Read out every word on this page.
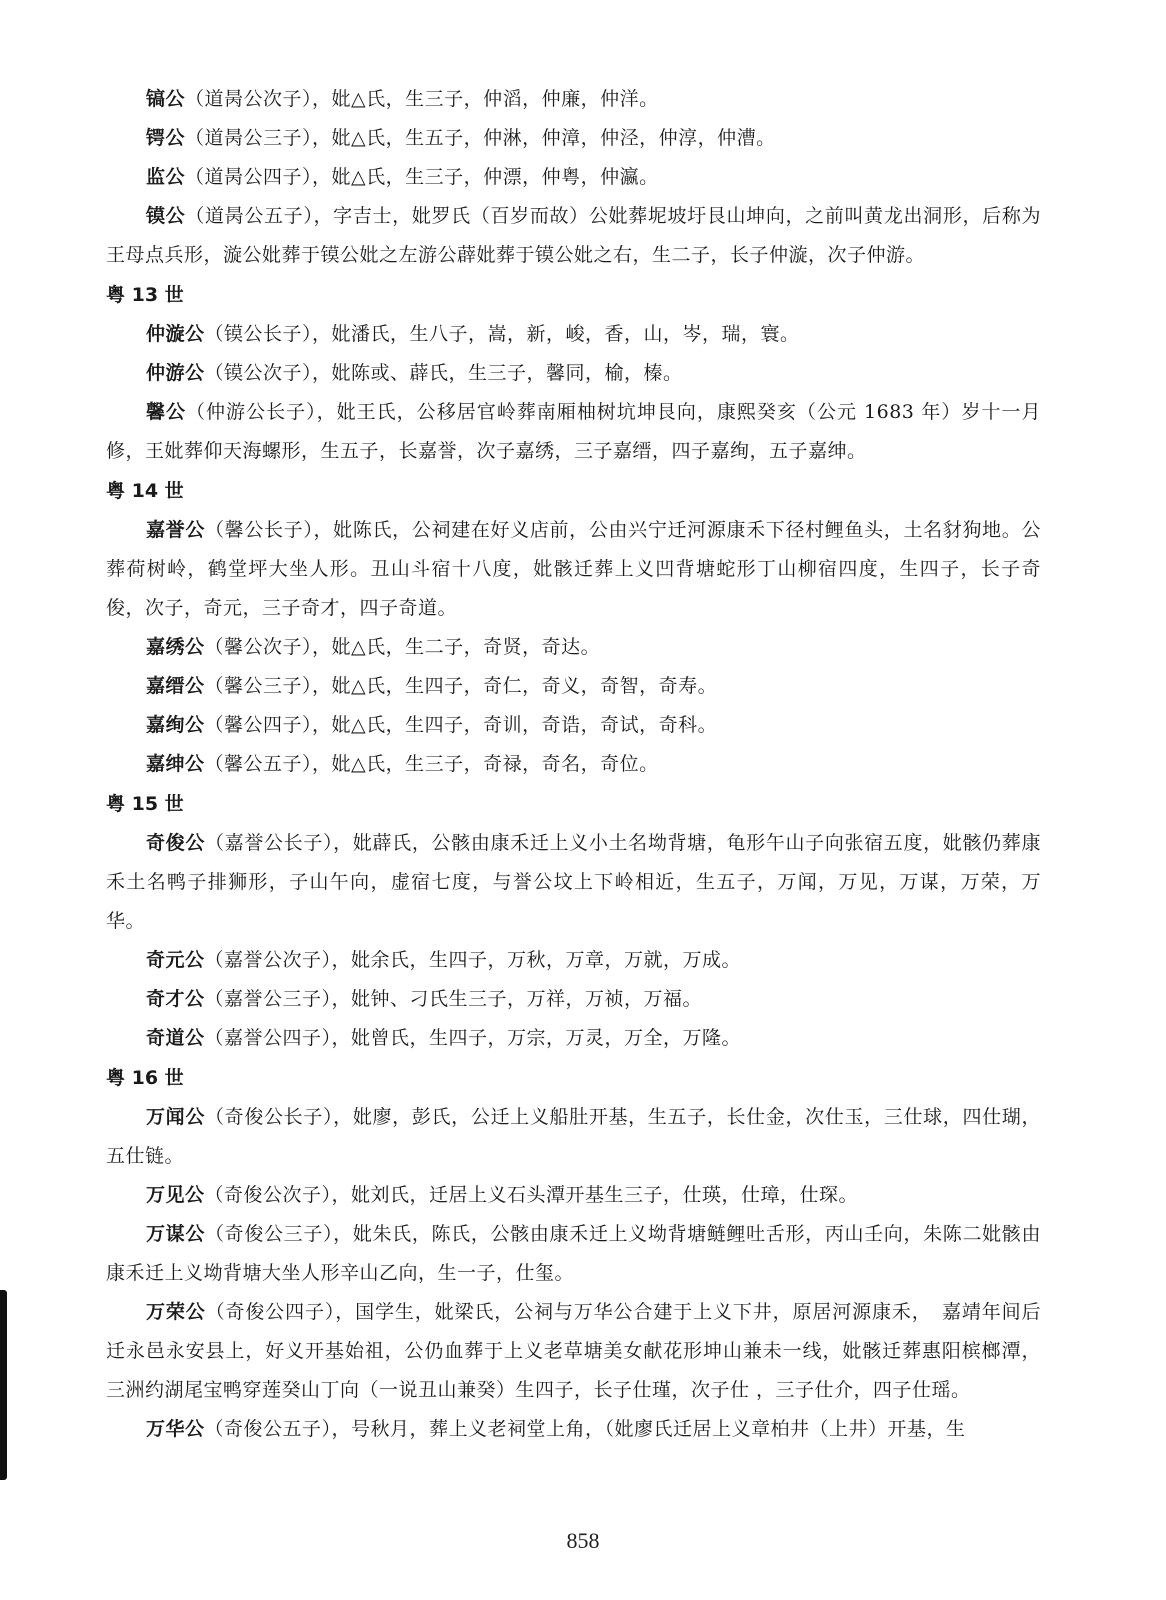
镐公（道昺公次子），妣△氏，生三子，仲滔，仲廉，仲洋。
锷公（道昺公三子），妣△氏，生五子，仲淋，仲漳，仲泾，仲淳，仲漕。
监公（道昺公四子），妣△氏，生三子，仲漂，仲粤，仲瀛。
镆公（道昺公五子），字吉士，妣罗氏（百岁而故）公妣葬坭坡圩艮山坤向，之前叫黄龙出洞形，后称为王母点兵形，漩公妣葬于镆公妣之左游公薜妣葬于镆公妣之右，生二子，长子仲漩，次子仲游。
粤 13 世
仲漩公（镆公长子），妣潘氏，生八子，嵩，新，峻，香，山，岑，瑞，寰。
仲游公（镆公次子），妣陈或、薜氏，生三子，馨同，榆，榛。
馨公（仲游公长子），妣王氏，公移居官岭葬南厢柚树坑坤艮向，康熙癸亥（公元 1683 年）岁十一月修，王妣葬仰天海螺形，生五子，长嘉誉，次子嘉绣，三子嘉缙，四子嘉绚，五子嘉绅。
粤 14 世
嘉誉公（馨公长子），妣陈氏，公祠建在好义店前，公由兴宁迁河源康禾下径村鲤鱼头，土名豺狗地。公葬荷树岭，鹤堂坪大坐人形。丑山斗宿十八度，妣骸迁葬上义凹背塘蛇形丁山柳宿四度，生四子，长子奇俊，次子，奇元，三子奇才，四子奇道。
嘉绣公（馨公次子），妣△氏，生二子，奇贤，奇达。
嘉缙公（馨公三子），妣△氏，生四子，奇仁，奇义，奇智，奇寿。
嘉绚公（馨公四子），妣△氏，生四子，奇训，奇诰，奇试，奇科。
嘉绅公（馨公五子），妣△氏，生三子，奇禄，奇名，奇位。
粤 15 世
奇俊公（嘉誉公长子），妣薜氏，公骸由康禾迁上义小土名坳背塘，龟形午山子向张宿五度，妣骸仍葬康禾土名鸭子排狮形，子山午向，虚宿七度，与誉公坟上下岭相近，生五子，万闻，万见，万谋，万荣，万华。
奇元公（嘉誉公次子），妣余氏，生四子，万秋，万章，万就，万成。
奇才公（嘉誉公三子），妣钟、刁氏生三子，万祥，万祯，万福。
奇道公（嘉誉公四子），妣曾氏，生四子，万宗，万灵，万全，万隆。
粤 16 世
万闻公（奇俊公长子），妣廖，彭氏，公迁上义船肚开基，生五子，长仕金，次仕玉，三仕球，四仕瑚，五仕链。
万见公（奇俊公次子），妣刘氏，迁居上义石头潭开基生三子，仕瑛，仕璋，仕琛。
万谋公（奇俊公三子），妣朱氏，陈氏，公骸由康禾迁上义坳背塘鲢鲤吐舌形，丙山壬向，朱陈二妣骸由康禾迁上义坳背塘大坐人形辛山乙向，生一子，仕玺。
万荣公（奇俊公四子），国学生，妣梁氏，公祠与万华公合建于上义下井，原居河源康禾，　嘉靖年间后迁永邑永安县上，好义开基始祖，公仍血葬于上义老草塘美女献花形坤山兼未一线，妣骸迁葬惠阳槟榔潭，三洲约湖尾宝鸭穿莲癸山丁向（一说丑山兼癸）生四子，长子仕瑾，次子仕 ，三子仕介，四子仕瑶。
万华公（奇俊公五子），号秋月，葬上义老祠堂上角，（妣廖氏迁居上义章柏井（上井）开基，生
858
